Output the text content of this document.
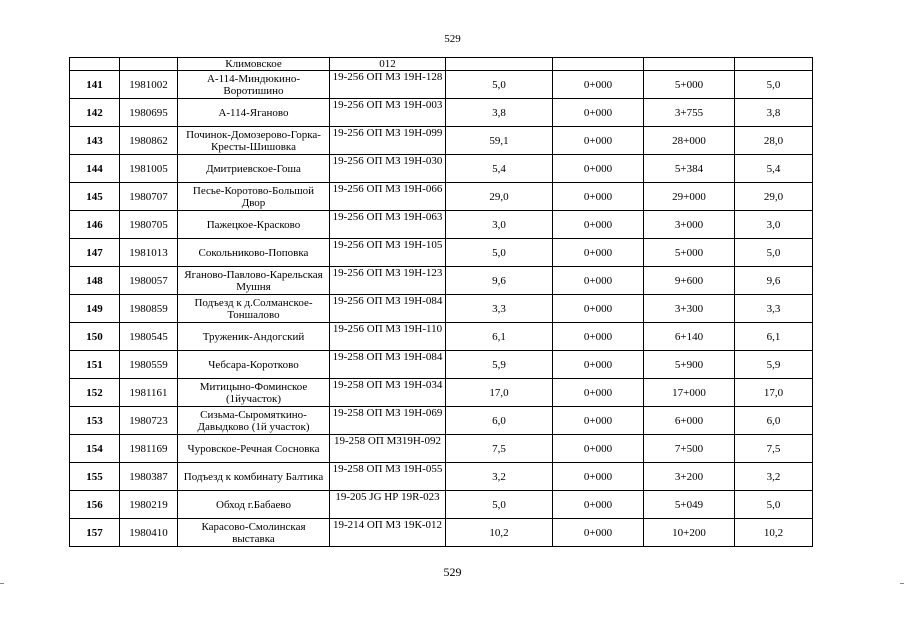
529
		Климовское	012				
141	1981002	А-114-Миндюкино-Воротишино	19-256 ОП МЗ 19Н-128	5,0	0+000	5+000	5,0
142	1980695	А-114-Яганово	19-256 ОП МЗ 19Н-003	3,8	0+000	3+755	3,8
143	1980862	Починок-Домозерово-Горка-Кресты-Шишовка	19-256 ОП МЗ 19Н-099	59,1	0+000	28+000	28,0
144	1981005	Дмитриевское-Гоша	19-256 ОП МЗ 19Н-030	5,4	0+000	5+384	5,4
145	1980707	Песье-Коротово-Большой Двор	19-256 ОП МЗ 19Н-066	29,0	0+000	29+000	29,0
146	1980705	Пажецкое-Красково	19-256 ОП МЗ 19Н-063	3,0	0+000	3+000	3,0
147	1981013	Сокольниково-Поповка	19-256 ОП МЗ 19Н-105	5,0	0+000	5+000	5,0
148	1980057	Яганово-Павлово-Карельская Мушня	19-256 ОП МЗ 19Н-123	9,6	0+000	9+600	9,6
149	1980859	Подъезд к д.Солманское-Тоншалово	19-256 ОП МЗ 19Н-084	3,3	0+000	3+300	3,3
150	1980545	Труженик-Андогский	19-256 ОП МЗ 19Н-110	6,1	0+000	6+140	6,1
151	1980559	Чебсара-Коротково	19-258 ОП МЗ 19Н-084	5,9	0+000	5+900	5,9
152	1981161	Митицыно-Фоминское (1йучасток)	19-258 ОП МЗ 19Н-034	17,0	0+000	17+000	17,0
153	1980723	Сизьма-Сыромяткино-Давыдково (1й участок)	19-258 ОП МЗ 19Н-069	6,0	0+000	6+000	6,0
154	1981169	Чуровское-Речная Сосновка	19-258 ОП МЗ19Н-092	7,5	0+000	7+500	7,5
155	1980387	Подъезд к комбинату Балтика	19-258 ОП МЗ 19Н-055	3,2	0+000	3+200	3,2
156	1980219	Обход г.Бабаево	19-205 JG НР 19R-023	5,0	0+000	5+049	5,0
157	1980410	Карасово-Смолинская выставка	19-214 ОП МЗ 19К-012	10,2	0+000	10+200	10,2
529
